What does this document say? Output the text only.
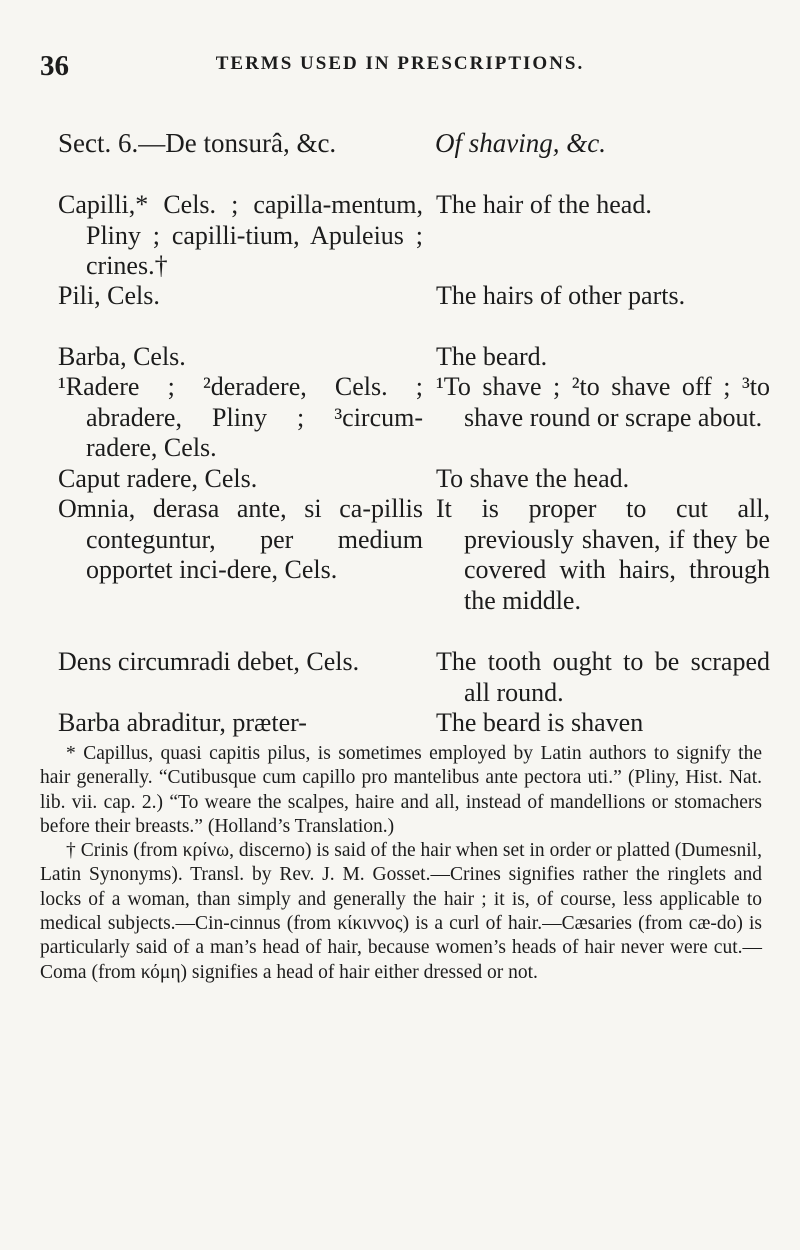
36	TERMS USED IN PRESCRIPTIONS.
Sect. 6.—De tonsurâ, &c.	Of shaving, &c.
Capilli,* Cels. ; capilla-mentum, Pliny ; capilli-tium, Apuleius ; crines.†
Pili, Cels.
Barba, Cels.
¹Radere ; ²deradere, Cels. ; abradere, Pliny ; ³circum-radere, Cels.
Caput radere, Cels.
Omnia, derasa ante, si ca-pillis conteguntur, per medium opportet inci-dere, Cels.
Dens circumradi debet, Cels.
Barba abraditur, præter-
The hair of the head.
The hairs of other parts.
The beard.
¹To shave ; ²to shave off ; ³to shave round or scrape about.
To shave the head.
It is proper to cut all, previously shaven, if they be covered with hairs, through the middle.
The tooth ought to be scraped all round.
The beard is shaven

* Capillus, quasi capitis pilus, is sometimes employed by Latin authors to signify the hair generally. “Cutibusque cum capillo pro mantelibus ante pectora uti.” (Pliny, Hist. Nat. lib. vii. cap. 2.) “To weare the scalpes, haire and all, instead of mandellions or stomachers before their breasts.” (Holland’s Translation.)

† Crinis (from κρίνω, discerno) is said of the hair when set in order or platted (Dumesnil, Latin Synonyms). Transl. by Rev. J. M. Gosset.—Crines signifies rather the ringlets and locks of a woman, than simply and generally the hair ; it is, of course, less applicable to medical subjects.—Cin-cinnus (from κίκιννος) is a curl of hair.—Cæsaries (from cæ-do) is particularly said of a man’s head of hair, because women’s heads of hair never were cut.—Coma (from κόμη) signifies a head of hair either dressed or not.
